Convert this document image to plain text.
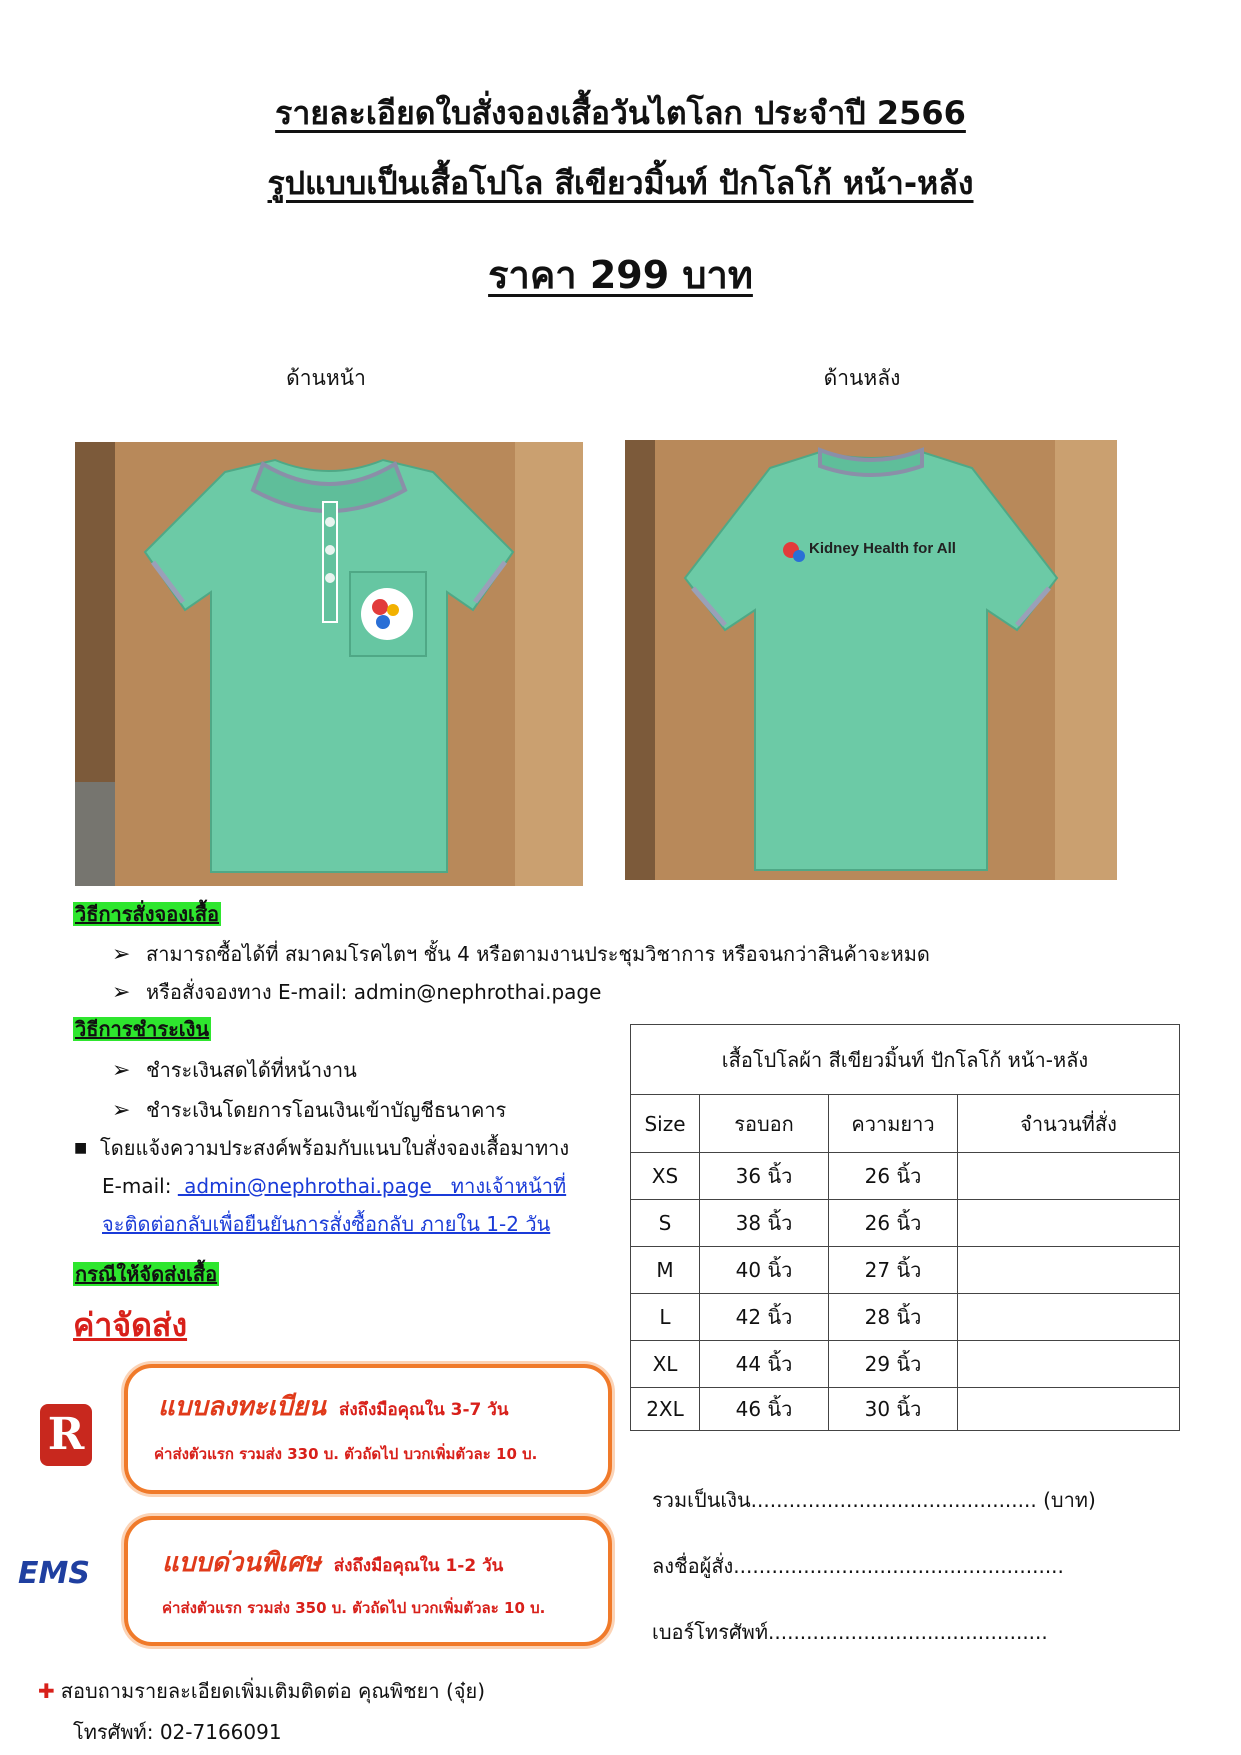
รายละเอียดใบสั่งจองเสื้อวันไตโลก ประจำปี 2566
รูปแบบเป็นเสื้อโปโล สีเขียวมิ้นท์ ปักโลโก้ หน้า-หลัง
ราคา 299 บาท
ด้านหน้า	ด้านหลัง
Kidney Health for All
วิธีการสั่งจองเสื้อ
➢ สามารถซื้อได้ที่ สมาคมโรคไตฯ ชั้น 4 หรือตามงานประชุมวิชาการ หรือจนกว่าสินค้าจะหมด
➢ หรือสั่งจองทาง E-mail: admin@nephrothai.page
วิธีการชำระเงิน
➢ ชำระเงินสดได้ที่หน้างาน
➢ ชำระเงินโดยการโอนเงินเข้าบัญชีธนาคาร
■ โดยแจ้งความประสงค์พร้อมกับแนบใบสั่งจองเสื้อมาทาง
E-mail:  admin@nephrothai.page   ทางเจ้าหน้าที่
จะติดต่อกลับเพื่อยืนยันการสั่งซื้อกลับ ภายใน 1-2 วัน
กรณีให้จัดส่งเสื้อ
ค่าจัดส่ง
R
แบบลงทะเบียน ส่งถึงมือคุณใน 3-7 วัน
ค่าส่งตัวแรก รวมส่ง 330 บ. ตัวถัดไป บวกเพิ่มตัวละ 10 บ.
EMS	แบบด่วนพิเศษ ส่งถึงมือคุณใน 1-2 วัน
ค่าส่งตัวแรก รวมส่ง 350 บ. ตัวถัดไป บวกเพิ่มตัวละ 10 บ.
✚ สอบถามรายละเอียดเพิ่มเติมติดต่อ คุณพิชยา (จุ๋ย)
โทรศัพท์: 02-7166091
เสื้อโปโลผ้า สีเขียวมิ้นท์ ปักโลโก้ หน้า-หลัง			
Size	รอบอก	ความยาว	จำนวนที่สั่ง
XS	36 นิ้ว	26 นิ้ว	
S	38 นิ้ว	26 นิ้ว	
M	40 นิ้ว	27 นิ้ว	
L	42 นิ้ว	28 นิ้ว	
XL	44 นิ้ว	29 นิ้ว	
2XL	46 นิ้ว	30 นิ้ว	
รวมเป็นเงิน............................................. (บาท)
ลงชื่อผู้สั่ง....................................................
เบอร์โทรศัพท์............................................
